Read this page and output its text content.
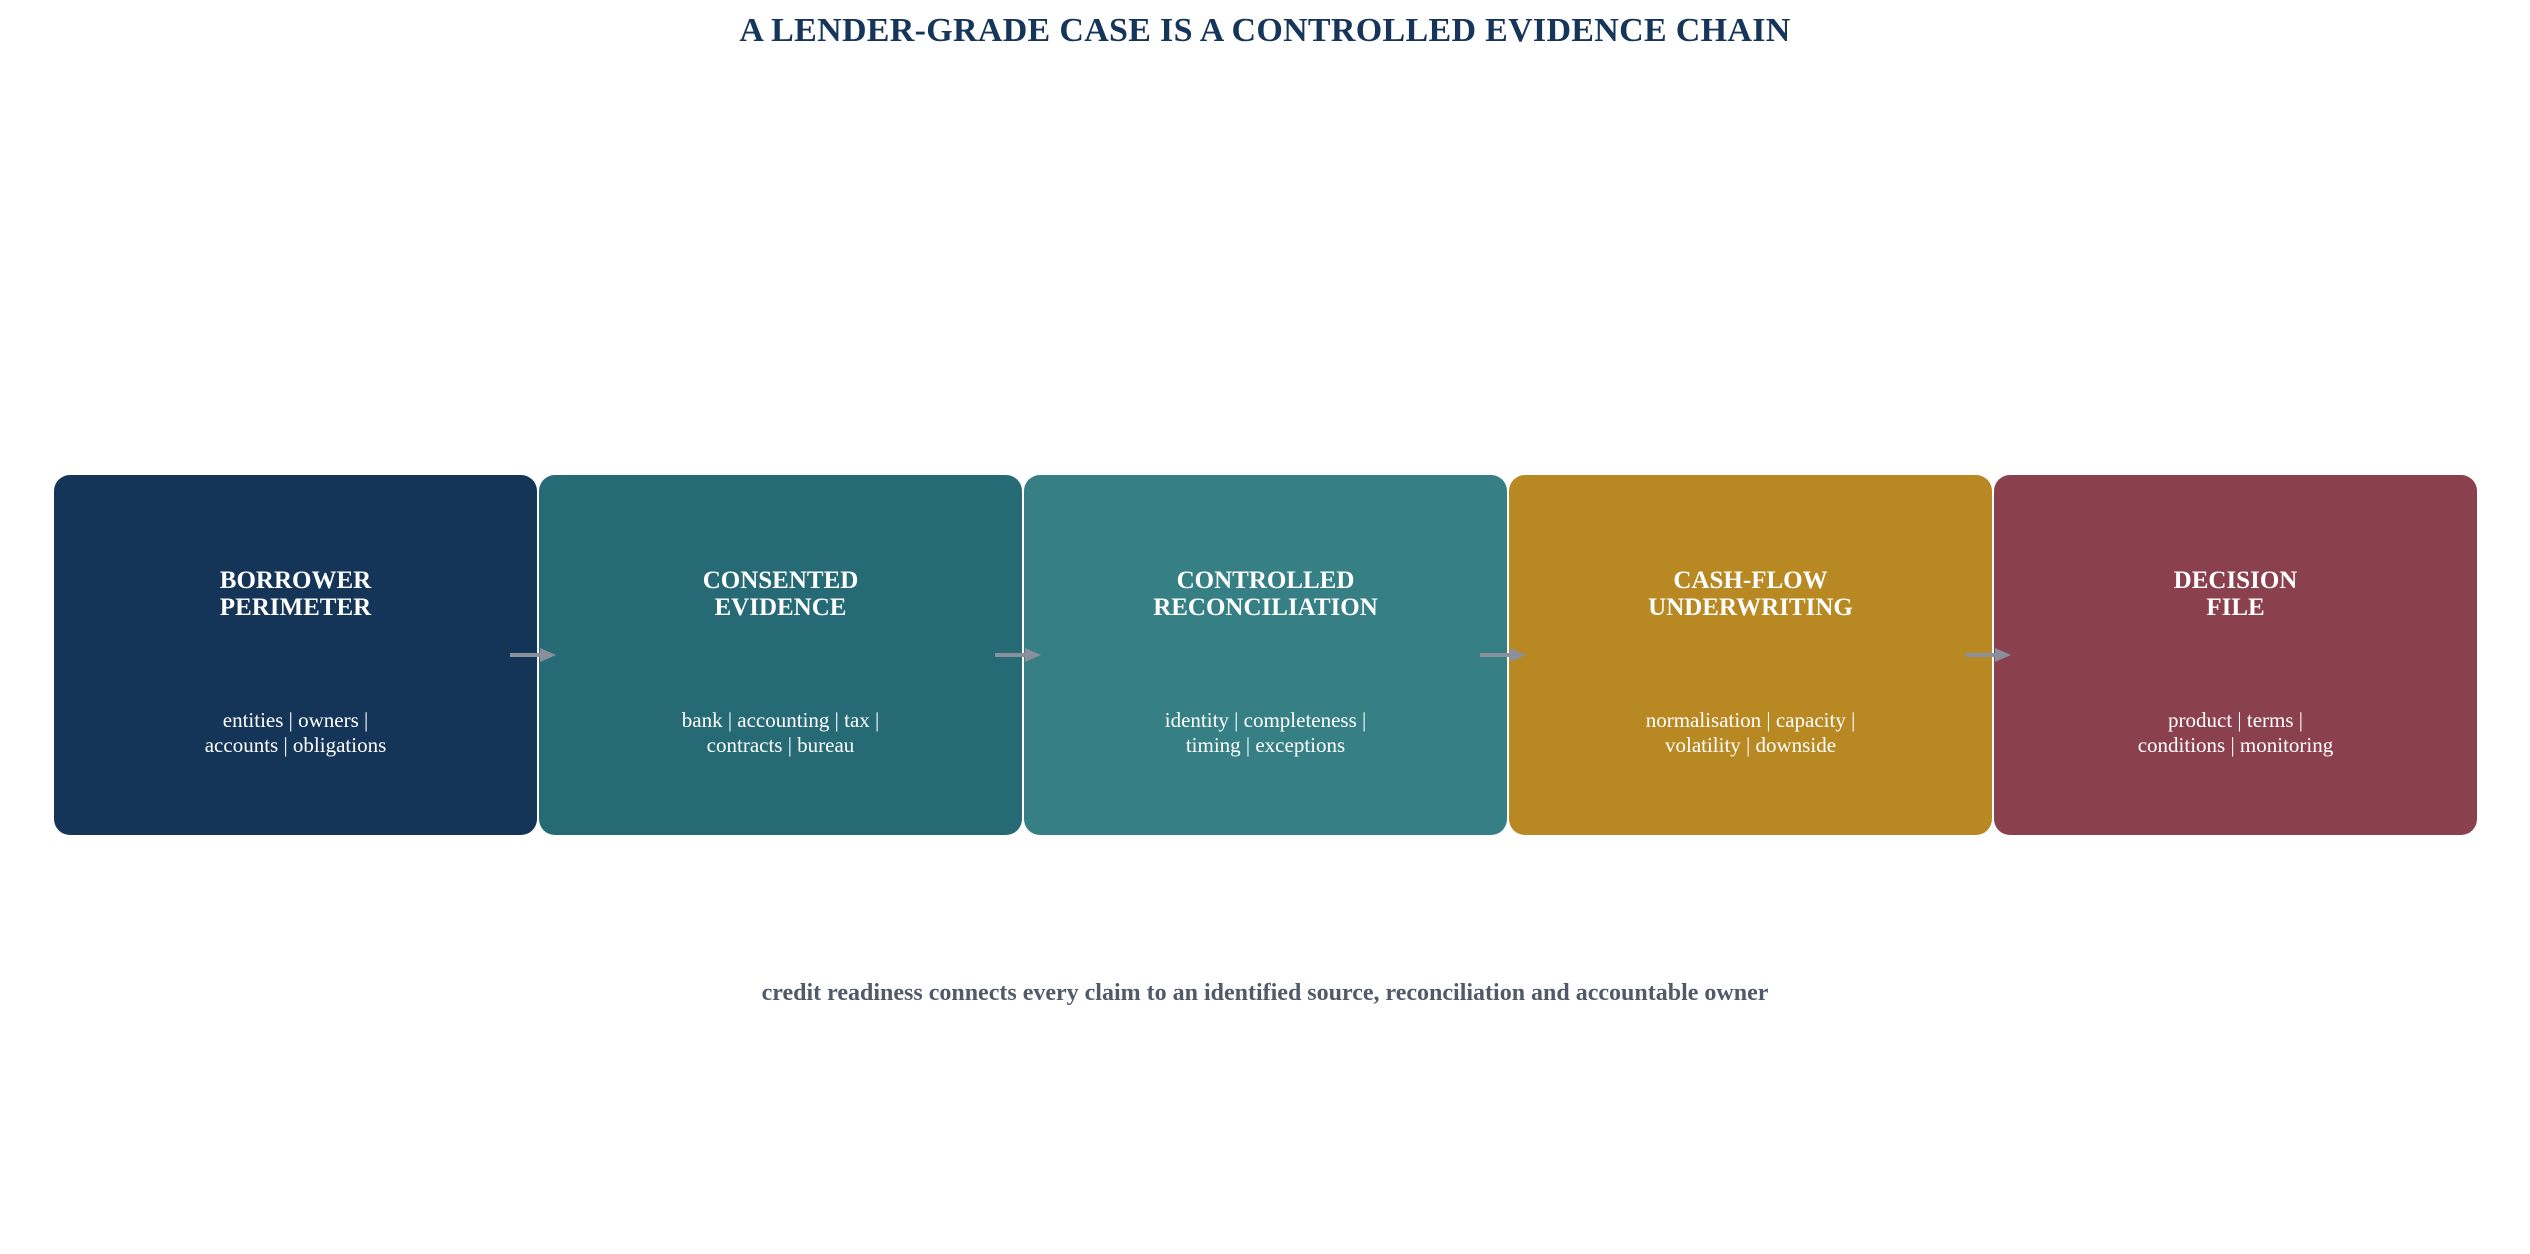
A LENDER-GRADE CASE IS A CONTROLLED EVIDENCE CHAIN
BORROWER
PERIMETER
entities | owners |
accounts | obligations
CONSENTED
EVIDENCE
bank | accounting | tax |
contracts | bureau
CONTROLLED
RECONCILIATION
identity | completeness |
timing | exceptions
CASH-FLOW
UNDERWRITING
normalisation | capacity |
volatility | downside
DECISION
FILE
product | terms |
conditions | monitoring
credit readiness connects every claim to an identified source, reconciliation and accountable owner
